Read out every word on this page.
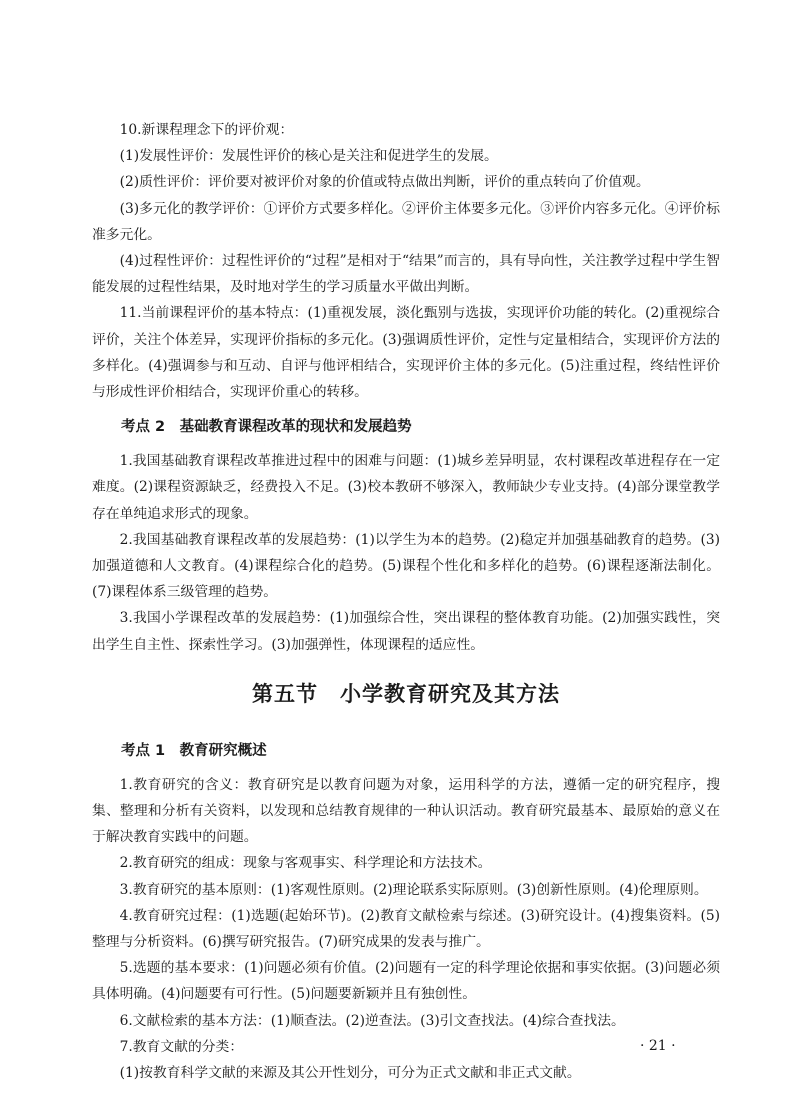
10.新课程理念下的评价观：

(1)发展性评价：发展性评价的核心是关注和促进学生的发展。

(2)质性评价：评价要对被评价对象的价值或特点做出判断，评价的重点转向了价值观。

(3)多元化的教学评价：①评价方式要多样化。②评价主体要多元化。③评价内容多元化。④评价标准多元化。

(4)过程性评价：过程性评价的“过程”是相对于“结果”而言的，具有导向性，关注教学过程中学生智能发展的过程性结果，及时地对学生的学习质量水平做出判断。

11.当前课程评价的基本特点：(1)重视发展，淡化甄别与选拔，实现评价功能的转化。(2)重视综合评价，关注个体差异，实现评价指标的多元化。(3)强调质性评价，定性与定量相结合，实现评价方法的多样化。(4)强调参与和互动、自评与他评相结合，实现评价主体的多元化。(5)注重过程，终结性评价与形成性评价相结合，实现评价重心的转移。

考点 2　基础教育课程改革的现状和发展趋势

1.我国基础教育课程改革推进过程中的困难与问题：(1)城乡差异明显，农村课程改革进程存在一定难度。(2)课程资源缺乏，经费投入不足。(3)校本教研不够深入，教师缺少专业支持。(4)部分课堂教学存在单纯追求形式的现象。

2.我国基础教育课程改革的发展趋势：(1)以学生为本的趋势。(2)稳定并加强基础教育的趋势。(3)加强道德和人文教育。(4)课程综合化的趋势。(5)课程个性化和多样化的趋势。(6)课程逐渐法制化。(7)课程体系三级管理的趋势。

3.我国小学课程改革的发展趋势：(1)加强综合性，突出课程的整体教育功能。(2)加强实践性，突出学生自主性、探索性学习。(3)加强弹性，体现课程的适应性。

第五节　小学教育研究及其方法
考点 1　教育研究概述

1.教育研究的含义：教育研究是以教育问题为对象，运用科学的方法，遵循一定的研究程序，搜集、整理和分析有关资料，以发现和总结教育规律的一种认识活动。教育研究最基本、最原始的意义在于解决教育实践中的问题。

2.教育研究的组成：现象与客观事实、科学理论和方法技术。

3.教育研究的基本原则：(1)客观性原则。(2)理论联系实际原则。(3)创新性原则。(4)伦理原则。

4.教育研究过程：(1)选题(起始环节)。(2)教育文献检索与综述。(3)研究设计。(4)搜集资料。(5)整理与分析资料。(6)撰写研究报告。(7)研究成果的发表与推广。

5.选题的基本要求：(1)问题必须有价值。(2)问题有一定的科学理论依据和事实依据。(3)问题必须具体明确。(4)问题要有可行性。(5)问题要新颖并且有独创性。

6.文献检索的基本方法：(1)顺查法。(2)逆查法。(3)引文查找法。(4)综合查找法。

7.教育文献的分类：

(1)按教育科学文献的来源及其公开性划分，可分为正式文献和非正式文献。

· 21 ·
